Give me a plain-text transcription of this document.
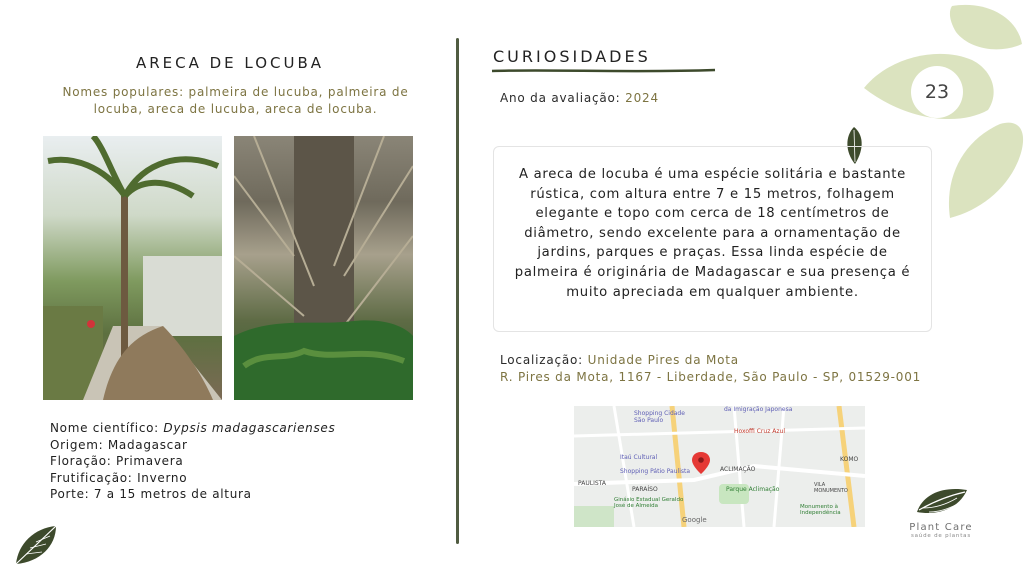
23
ARECA DE LOCUBA
Nomes populares: palmeira de lucuba, palmeira de locuba, areca de lucuba, areca de locuba.
Nome científico: Dypsis madagascarienses
Origem: Madagascar
Floração: Primavera
Frutificação: Inverno
Porte: 7 a 15 metros de altura
CURIOSIDADES
Ano da avaliação: 2024

A areca de locuba é uma espécie solitária e bastante rústica, com altura entre 7 e 15 metros, folhagem elegante e topo com cerca de 18 centímetros de diâmetro, sendo excelente para a ornamentação de jardins, parques e praças. Essa linda espécie de palmeira é originária de Madagascar e sua presença é muito apreciada em qualquer ambiente.

Localização: Unidade Pires da Mota
R. Pires da Mota, 1167 - Liberdade, São Paulo - SP, 01529-001
Shopping Cidade São Paulo
da Imigração Japonesa
Hoxoffi Cruz Azul
Itaú Cultural
Shopping Pátio Paulista	ACLIMAÇÃO
PAULISTA
PARAÍSO	Parque Aclimação
Ginásio Estadual Geraldo José de Almeida	Monumento à Independência
VILA MONUMENTO
KOMO
Google
Plant Care
saúde de plantas
